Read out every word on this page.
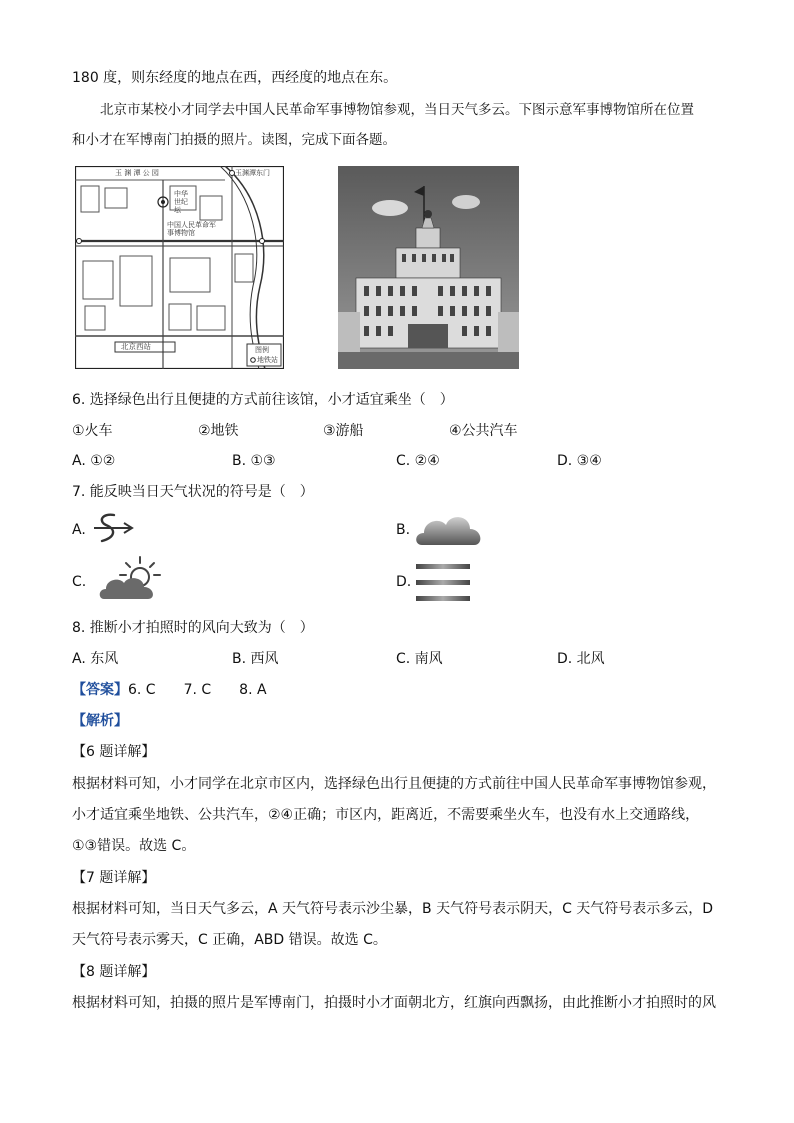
180 度，则东经度的地点在西，西经度的地点在东。
北京市某校小才同学去中国人民革命军事博物馆参观，当日天气多云。下图示意军事博物馆所在位置
和小才在军博南门拍摄的照片。读图，完成下面各题。
玉 渊 潭 公 园	玉渊潭东门
中华世纪坛
中国人民革命军事博物馆
北京西站	图例
地铁站
6. 选择绿色出行且便捷的方式前往该馆，小才适宜乘坐（　）
①火车	②地铁	③游船	④公共汽车
A. ①②	B. ①③	C. ②④	D. ③④
7. 能反映当日天气状况的符号是（　）
A.	B.
C.	D.
8. 推断小才拍照时的风向大致为（　）
A. 东风	B. 西风	C. 南风	D. 北风
【答案】6. C　　7. C　　8. A
【解析】
【6 题详解】
根据材料可知，小才同学在北京市区内，选择绿色出行且便捷的方式前往中国人民革命军事博物馆参观，
小才适宜乘坐地铁、公共汽车，②④正确；市区内，距离近，不需要乘坐火车，也没有水上交通路线，
①③错误。故选 C。
【7 题详解】
根据材料可知，当日天气多云，A 天气符号表示沙尘暴，B 天气符号表示阴天，C 天气符号表示多云，D
天气符号表示雾天，C 正确，ABD 错误。故选 C。
【8 题详解】
根据材料可知，拍摄的照片是军博南门，拍摄时小才面朝北方，红旗向西飘扬，由此推断小才拍照时的风
